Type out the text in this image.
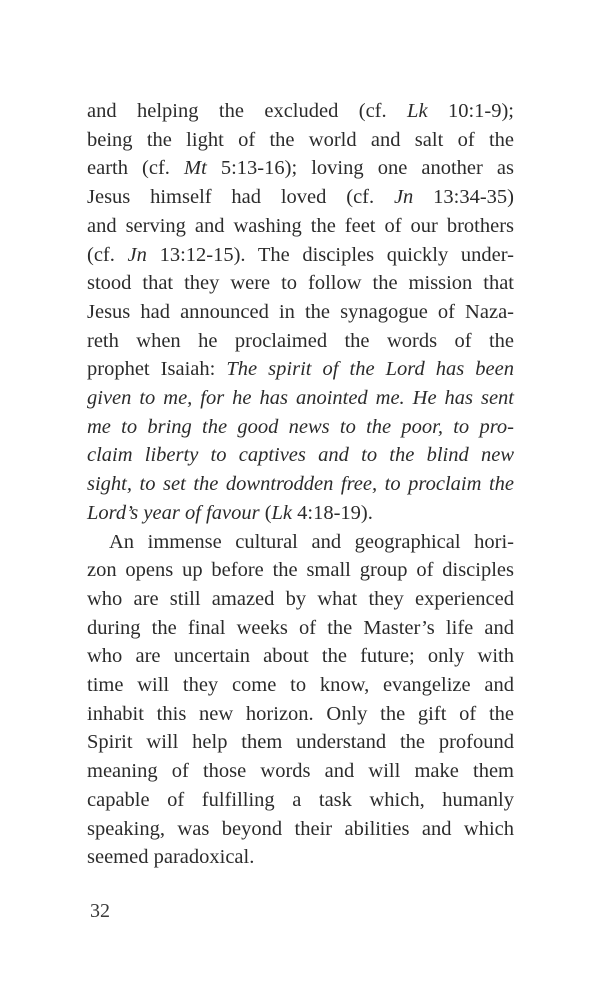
and helping the excluded (cf. Lk 10:1-9);
being the light of the world and salt of the
earth (cf. Mt 5:13-16); loving one another as
Jesus himself had loved (cf. Jn 13:34-35)
and serving and washing the feet of our brothers
(cf. Jn 13:12-15). The disciples quickly under-
stood that they were to follow the mission that
Jesus had announced in the synagogue of Naza-
reth when he proclaimed the words of the
prophet Isaiah: The spirit of the Lord has been
given to me, for he has anointed me. He has sent
me to bring the good news to the poor, to pro-
claim liberty to captives and to the blind new
sight, to set the downtrodden free, to proclaim the
Lord’s year of favour (Lk 4:18-19).
An immense cultural and geographical hori-
zon opens up before the small group of disciples
who are still amazed by what they experienced
during the final weeks of the Master’s life and
who are uncertain about the future; only with
time will they come to know, evangelize and
inhabit this new horizon. Only the gift of the
Spirit will help them understand the profound
meaning of those words and will make them
capable of fulfilling a task which, humanly
speaking, was beyond their abilities and which
seemed paradoxical.
32
